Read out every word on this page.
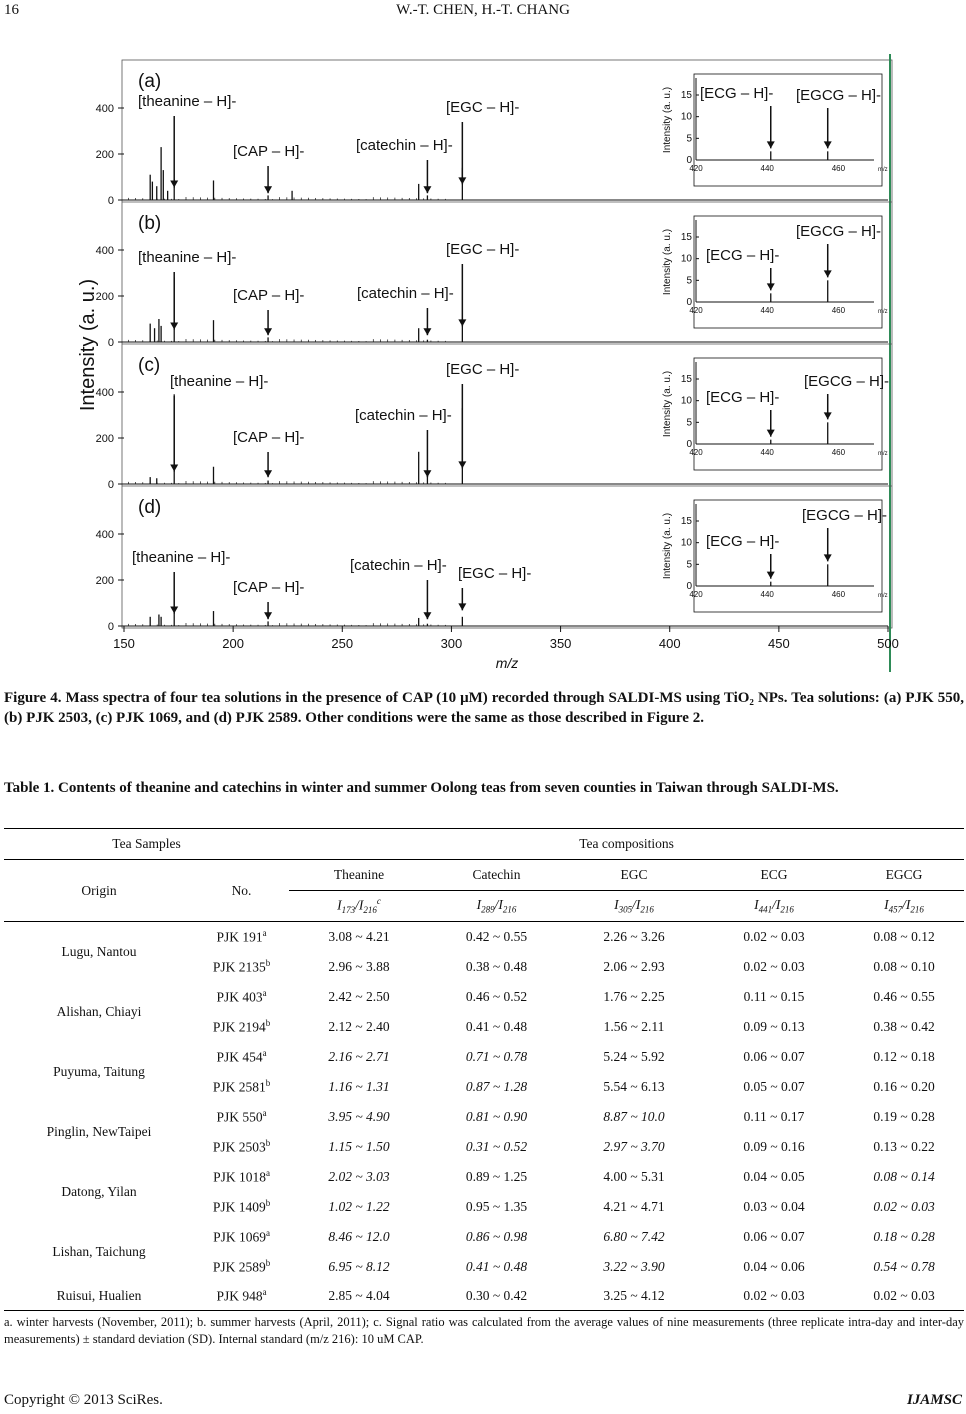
16	W.-T. CHEN, H.-T. CHANG
0
200
400
(a)
[theanine – H]-
[CAP – H]-	[catechin – H]-
[EGC – H]-
0
5
10
15
420	440	460	m/z
Intensity (a. u.) [ECG – H]- [EGCG – H]-
0
200
400
(b)
[theanine – H]-
[CAP – H]-	[catechin – H]-
[EGC – H]-
0
5
10
15
420	440	460	m/z
Intensity (a. u.) [ECG – H]-
[EGCG – H]-
0
200
400
(c)
[theanine – H]-
[CAP – H]-
[catechin – H]-
[EGC – H]-
0
5
10
15
420	440	460	m/z
Intensity (a. u.) [ECG – H]-
[EGCG – H]-
0
200
400
(d)
[theanine – H]-
[CAP – H]-
[catechin – H]- [EGC – H]-
0
5
10
15
420	440	460	m/z
Intensity (a. u.) [ECG – H]-
[EGCG – H]-
150	200	250	300	350	400	450	500
m/z
Intensity (a. u.)
Figure 4. Mass spectra of four tea solutions in the presence of CAP (10 μM) recorded through SALDI-MS using TiO₂ NPs. Tea solutions: (a) PJK 550, (b) PJK 2503, (c) PJK 1069, and (d) PJK 2589. Other conditions were the same as those described in Figure 2.
Table 1. Contents of theanine and catechins in winter and summer Oolong teas from seven counties in Taiwan through SALDI-MS.
Tea Samples		Tea compositions				
Origin	No.	Theanine	Catechin	EGC	ECG	EGCG
		$I_{173}/I_{216}^c$	$I_{289}/I_{216}$	$I_{305}/I_{216}$	$I_{441}/I_{216}$	$I_{457}/I_{216}$
Lugu, Nantou	PJK 191$^a$	3.08 ~ 4.21	0.42 ~ 0.55	2.26 ~ 3.26	0.02 ~ 0.03	0.08 ~ 0.12
	PJK 2135$^b$	2.96 ~ 3.88	0.38 ~ 0.48	2.06 ~ 2.93	0.02 ~ 0.03	0.08 ~ 0.10
Alishan, Chiayi	PJK 403$^a$	2.42 ~ 2.50	0.46 ~ 0.52	1.76 ~ 2.25	0.11 ~ 0.15	0.46 ~ 0.55
	PJK 2194$^b$	2.12 ~ 2.40	0.41 ~ 0.48	1.56 ~ 2.11	0.09 ~ 0.13	0.38 ~ 0.42
Puyuma, Taitung	PJK 454$^a$	2.16 ~ 2.71	0.71 ~ 0.78	5.24 ~ 5.92	0.06 ~ 0.07	0.12 ~ 0.18
	PJK 2581$^b$	1.16 ~ 1.31	0.87 ~ 1.28	5.54 ~ 6.13	0.05 ~ 0.07	0.16 ~ 0.20
Pinglin, NewTaipei	PJK 550$^a$	3.95 ~ 4.90	0.81 ~ 0.90	8.87 ~ 10.0	0.11 ~ 0.17	0.19 ~ 0.28
	PJK 2503$^b$	1.15 ~ 1.50	0.31 ~ 0.52	2.97 ~ 3.70	0.09 ~ 0.16	0.13 ~ 0.22
Datong, Yilan	PJK 1018$^a$	2.02 ~ 3.03	0.89 ~ 1.25	4.00 ~ 5.31	0.04 ~ 0.05	0.08 ~ 0.14
	PJK 1409$^b$	1.02 ~ 1.22	0.95 ~ 1.35	4.21 ~ 4.71	0.03 ~ 0.04	0.02 ~ 0.03
Lishan, Taichung	PJK 1069$^a$	8.46 ~ 12.0	0.86 ~ 0.98	6.80 ~ 7.42	0.06 ~ 0.07	0.18 ~ 0.28
	PJK 2589$^b$	6.95 ~ 8.12	0.41 ~ 0.48	3.22 ~ 3.90	0.04 ~ 0.06	0.54 ~ 0.78
Ruisui, Hualien	PJK 948$^a$	2.85 ~ 4.04	0.30 ~ 0.42	3.25 ~ 4.12	0.02 ~ 0.03	0.02 ~ 0.03
a. winter harvests (November, 2011); b. summer harvests (April, 2011); c. Signal ratio was calculated from the average values of nine measurements (three replicate intra-day and inter-day measurements) ± standard deviation (SD). Internal standard (m/z 216): 10 uM CAP.
Copyright © 2013 SciRes.	IJAMSC
